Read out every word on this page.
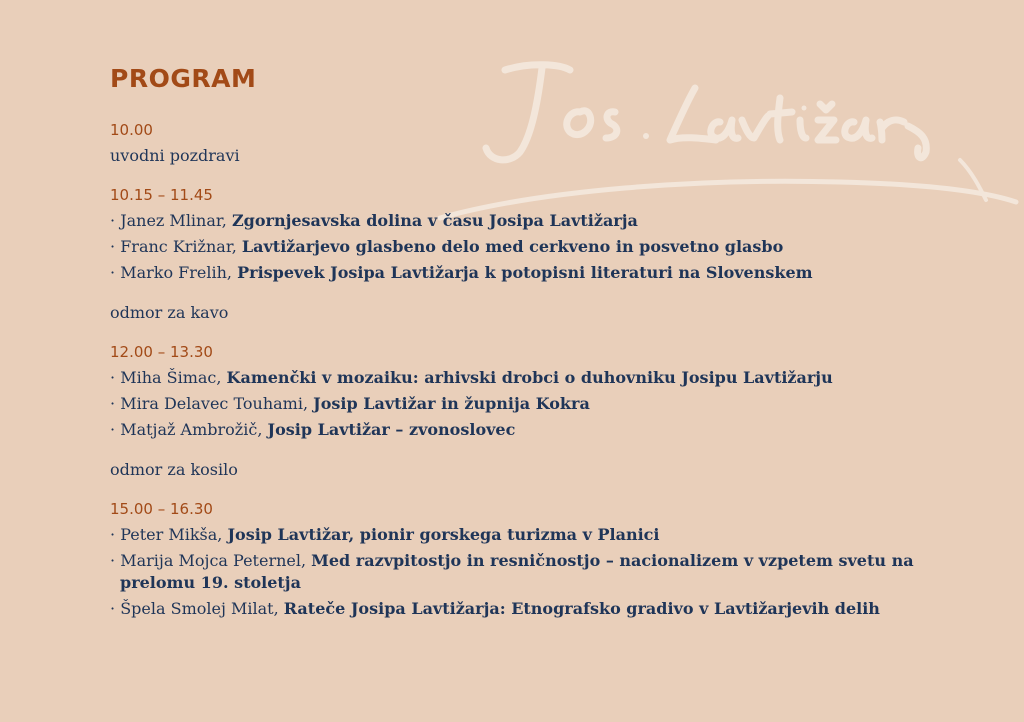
PROGRAM
10.00
uvodni pozdravi
10.15 – 11.45
· Janez Mlinar, Zgornjesavska dolina v času Josipa Lavtižarja
· Franc Križnar, Lavtižarjevo glasbeno delo med cerkveno in posvetno glasbo
· Marko Frelih, Prispevek Josipa Lavtižarja k potopisni literaturi na Slovenskem
odmor za kavo
12.00 – 13.30
· Miha Šimac, Kamenčki v mozaiku: arhivski drobci o duhovniku Josipu Lavtižarju
· Mira Delavec Touhami, Josip Lavtižar in župnija Kokra
· Matjaž Ambrožič, Josip Lavtižar – zvonoslovec
odmor za kosilo
15.00 – 16.30
· Peter Mikša, Josip Lavtižar, pionir gorskega turizma v Planici
· Marija Mojca Peternel, Med razvpitostjo in resničnostjo – nacionalizem v vzpetem svetu na prelomu 19. stoletja
· Špela Smolej Milat, Rateče Josipa Lavtižarja: Etnografsko gradivo v Lavtižarjevih delih
